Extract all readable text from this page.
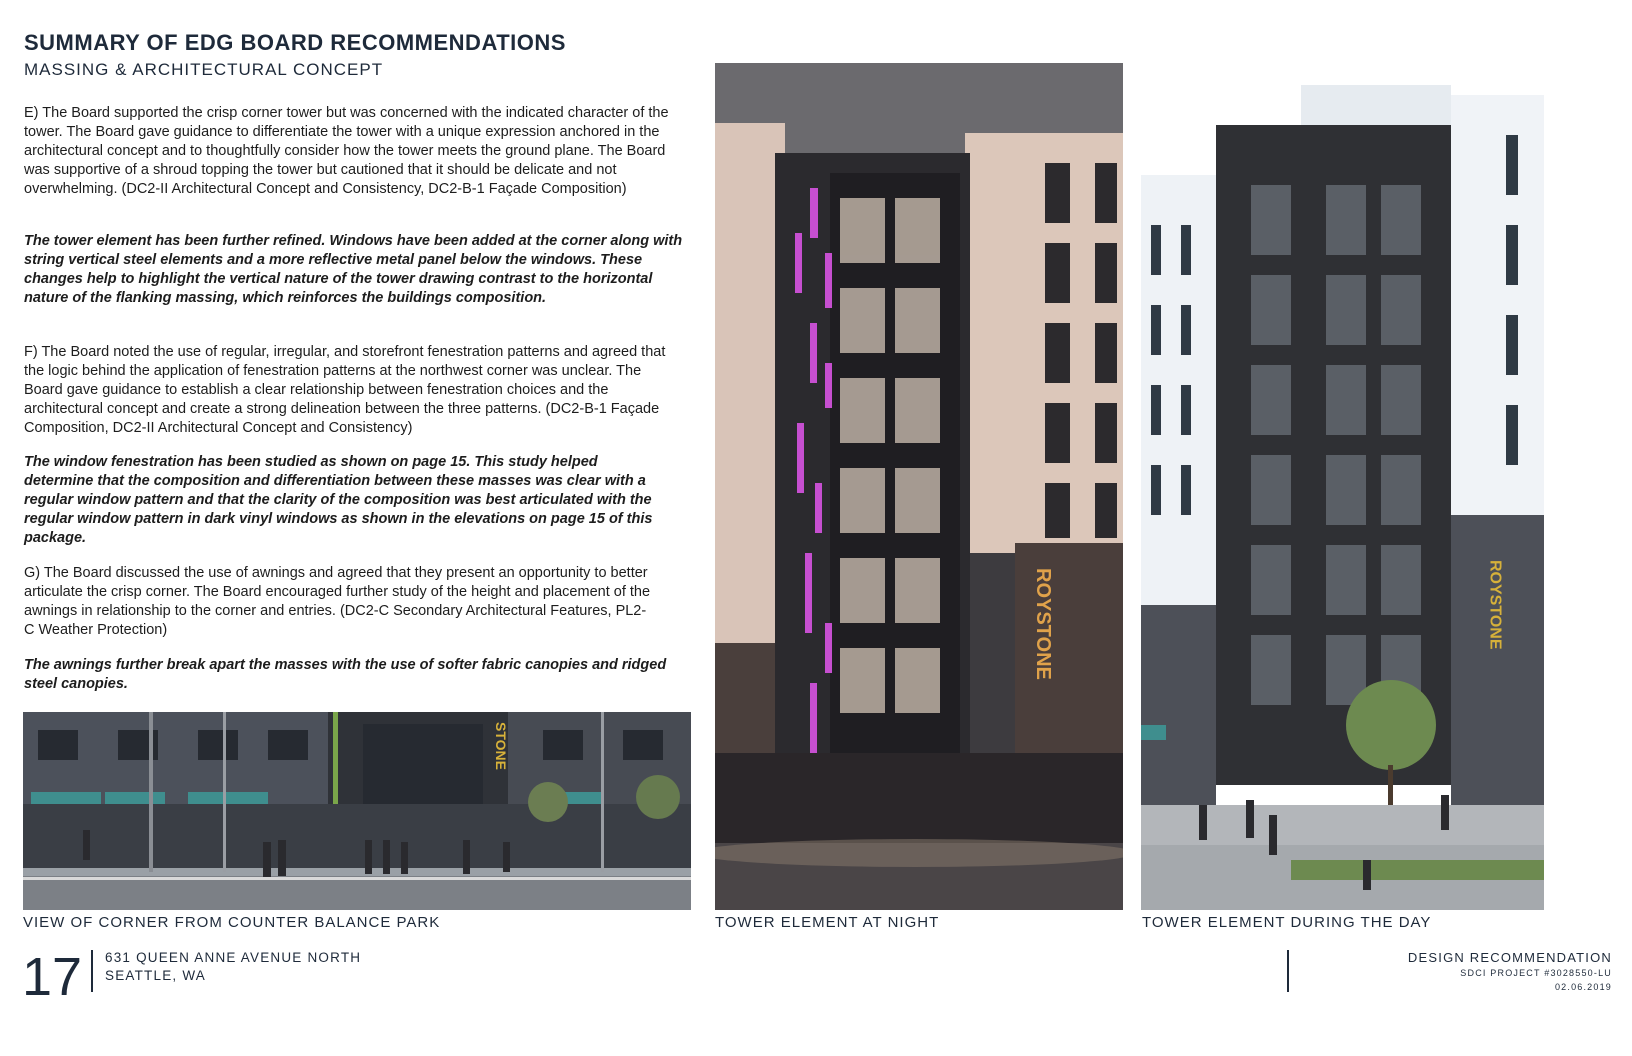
SUMMARY OF EDG BOARD RECOMMENDATIONS
MASSING & ARCHITECTURAL CONCEPT

E) The Board supported the crisp corner tower but was concerned with the indicated character of the tower. The Board gave guidance to differentiate the tower with a unique expression anchored in the architectural concept and to thoughtfully consider how the tower meets the ground plane. The Board was supportive of a shroud topping the tower but cautioned that it should be delicate and not overwhelming. (DC2-II Architectural Concept and Consistency, DC2-B-1 Façade Composition)

The tower element has been further refined. Windows have been added at the corner along with string vertical steel elements and a more reflective metal panel below the windows. These changes help to highlight the vertical nature of the tower drawing contrast to the horizontal nature of the flanking massing, which reinforces the buildings composition.

F) The Board noted the use of regular, irregular, and storefront fenestration patterns and agreed that the logic behind the application of fenestration patterns at the northwest corner was unclear. The Board gave guidance to establish a clear relationship between fenestration choices and the architectural concept and create a strong delineation between the three patterns. (DC2-B-1 Façade Composition, DC2-II Architectural Concept and Consistency)

The window fenestration has been studied as shown on page 15. This study helped determine that the composition and differentiation between these masses was clear with a regular window pattern and that the clarity of the composition was best articulated with the regular window pattern in dark vinyl windows as shown in the elevations on page 15 of this package.

G) The Board discussed the use of awnings and agreed that they present an opportunity to better articulate the crisp corner. The Board encouraged further study of the height and placement of the awnings in relationship to the corner and entries. (DC2-C Secondary Architectural Features, PL2-C Weather Protection)

The awnings further break apart the masses with the use of softer fabric canopies and ridged steel canopies.

STONE
ROYSTONE	ROYSTONE
VIEW OF CORNER FROM COUNTER BALANCE PARK	TOWER ELEMENT AT NIGHT	TOWER ELEMENT DURING THE DAY
17 631 QUEEN ANNE AVENUE NORTH
SEATTLE, WA
DESIGN RECOMMENDATION
SDCI PROJECT #3028550-LU
02.06.2019
